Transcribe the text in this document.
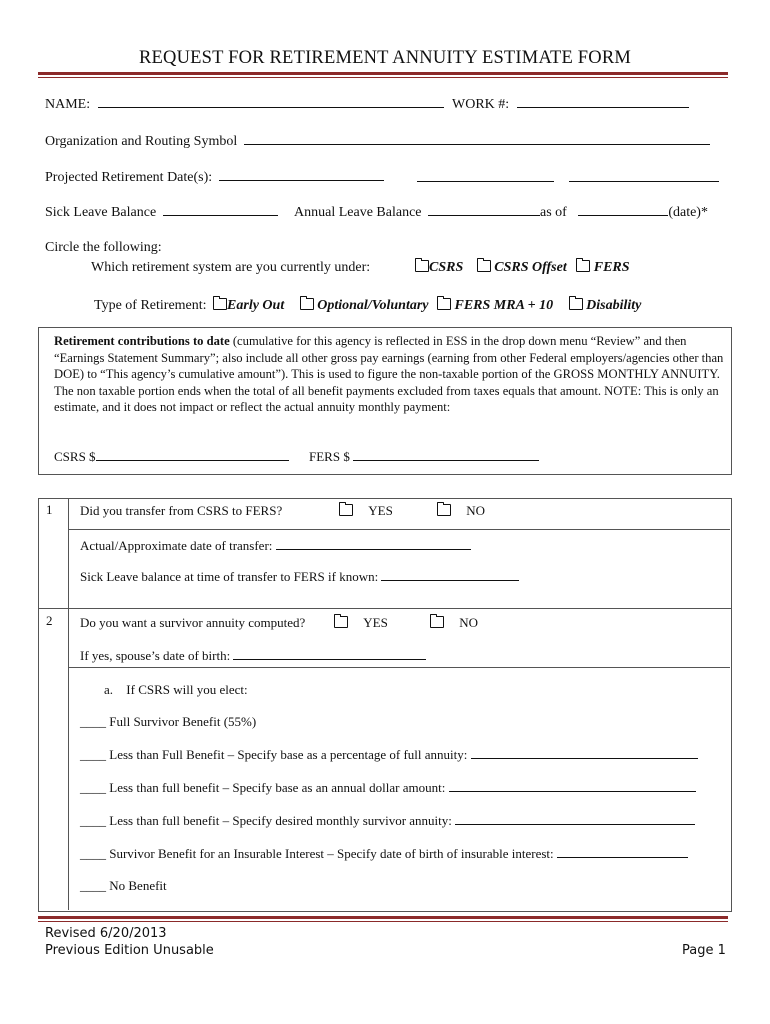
REQUEST FOR RETIREMENT ANNUITY ESTIMATE FORM
NAME:	WORK #:
Organization and Routing Symbol
Projected Retirement Date(s):
Sick Leave Balance	Annual Leave Balance	as of	(date)*
Circle the following:
Which retirement system are you currently under:	CSRS CSRS Offset FERS
Type of Retirement: Early Out Optional/Voluntary FERS MRA + 10 Disability
Retirement contributions to date (cumulative for this agency is reflected in ESS in the drop down menu “Review” and then “Earnings Statement Summary”; also include all other gross pay earnings (earning from other Federal employers/agencies other than DOE) to “This agency’s cumulative amount”). This is used to figure the non-taxable portion of the GROSS MONTHLY ANNUITY. The non taxable portion ends when the total of all benefit payments excluded from taxes equals that amount. NOTE: This is only an estimate, and it does not impact or reflect the actual annuity monthly payment:
CSRS $	FERS $
1 Did you transfer from CSRS to FERS?	YES	NO
Actual/Approximate date of transfer:
Sick Leave balance at time of transfer to FERS if known:
2 Do you want a survivor annuity computed?	YES	NO
If yes, spouse’s date of birth:
a. If CSRS will you elect:
____ Full Survivor Benefit (55%)
____ Less than Full Benefit – Specify base as a percentage of full annuity:
____ Less than full benefit – Specify base as an annual dollar amount:
____ Less than full benefit – Specify desired monthly survivor annuity:
____ Survivor Benefit for an Insurable Interest – Specify date of birth of insurable interest:
____ No Benefit
Revised 6/20/2013
Previous Edition Unusable	Page 1
